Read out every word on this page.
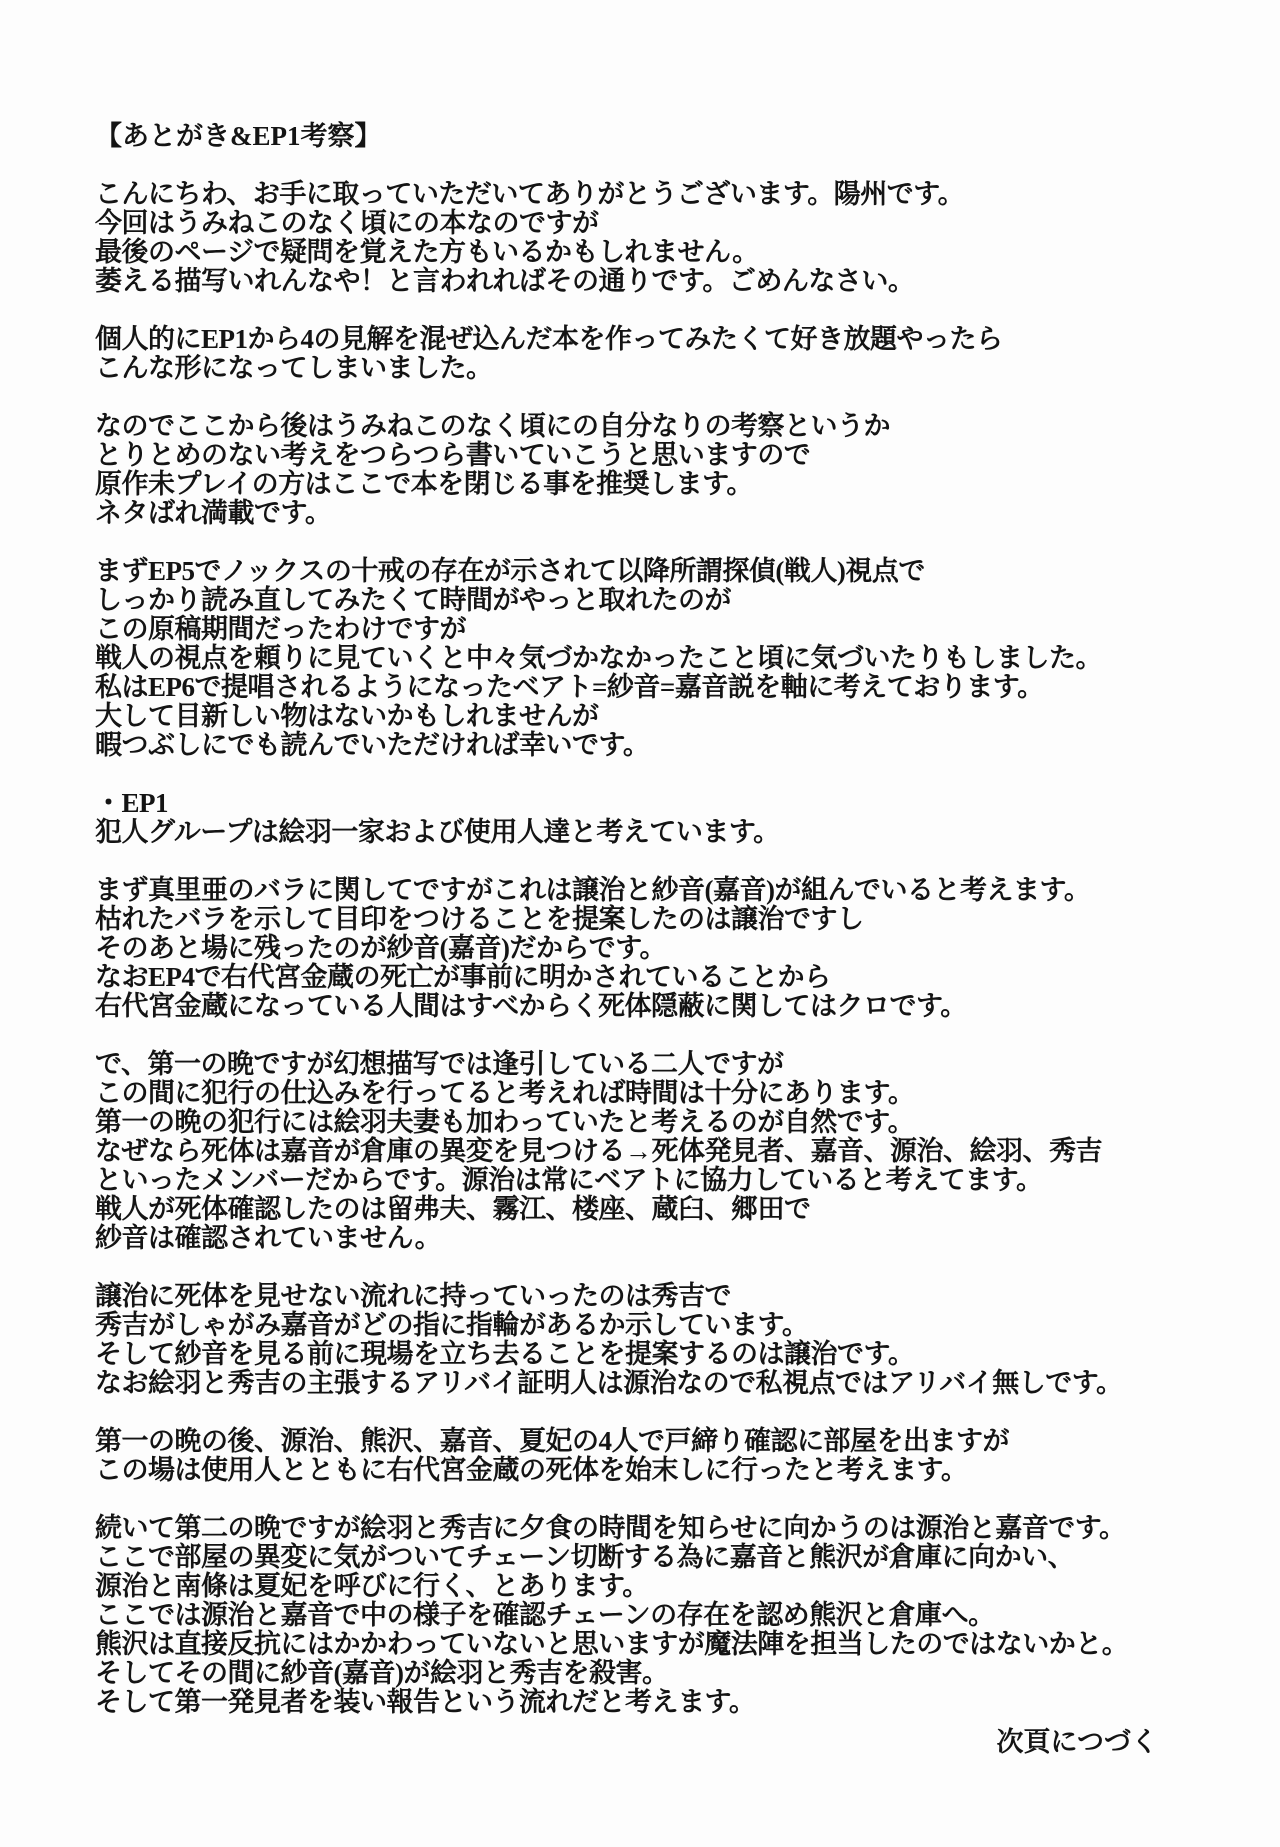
【あとがき&EP1考察】
こんにちわ、お手に取っていただいてありがとうございます。陽州です。
今回はうみねこのなく頃にの本なのですが
最後のページで疑問を覚えた方もいるかもしれません。
萎える描写いれんなや！と言われればその通りです。ごめんなさい。
個人的にEP1から4の見解を混ぜ込んだ本を作ってみたくて好き放題やったら
こんな形になってしまいました。
なのでここから後はうみねこのなく頃にの自分なりの考察というか
とりとめのない考えをつらつら書いていこうと思いますので
原作未プレイの方はここで本を閉じる事を推奨します。
ネタばれ満載です。
まずEP5でノックスの十戒の存在が示されて以降所謂探偵(戦人)視点で
しっかり読み直してみたくて時間がやっと取れたのが
この原稿期間だったわけですが
戦人の視点を頼りに見ていくと中々気づかなかったこと頃に気づいたりもしました。
私はEP6で提唱されるようになったベアト=紗音=嘉音説を軸に考えております。
大して目新しい物はないかもしれませんが
暇つぶしにでも読んでいただければ幸いです。
・EP1
犯人グループは絵羽一家および使用人達と考えています。
まず真里亜のバラに関してですがこれは譲治と紗音(嘉音)が組んでいると考えます。
枯れたバラを示して目印をつけることを提案したのは譲治ですし
そのあと場に残ったのが紗音(嘉音)だからです。
なおEP4で右代宮金蔵の死亡が事前に明かされていることから
右代宮金蔵になっている人間はすべからく死体隠蔽に関してはクロです。
で、第一の晩ですが幻想描写では逢引している二人ですが
この間に犯行の仕込みを行ってると考えれば時間は十分にあります。
第一の晩の犯行には絵羽夫妻も加わっていたと考えるのが自然です。
なぜなら死体は嘉音が倉庫の異変を見つける→死体発見者、嘉音、源治、絵羽、秀吉
といったメンバーだからです。源治は常にベアトに協力していると考えてます。
戦人が死体確認したのは留弗夫、霧江、楼座、蔵臼、郷田で
紗音は確認されていません。
譲治に死体を見せない流れに持っていったのは秀吉で
秀吉がしゃがみ嘉音がどの指に指輪があるか示しています。
そして紗音を見る前に現場を立ち去ることを提案するのは譲治です。
なお絵羽と秀吉の主張するアリバイ証明人は源治なので私視点ではアリバイ無しです。
第一の晩の後、源治、熊沢、嘉音、夏妃の4人で戸締り確認に部屋を出ますが
この場は使用人とともに右代宮金蔵の死体を始末しに行ったと考えます。
続いて第二の晩ですが絵羽と秀吉に夕食の時間を知らせに向かうのは源治と嘉音です。
ここで部屋の異変に気がついてチェーン切断する為に嘉音と熊沢が倉庫に向かい、
源治と南條は夏妃を呼びに行く、とあります。
ここでは源治と嘉音で中の様子を確認チェーンの存在を認め熊沢と倉庫へ。
熊沢は直接反抗にはかかわっていないと思いますが魔法陣を担当したのではないかと。
そしてその間に紗音(嘉音)が絵羽と秀吉を殺害。
そして第一発見者を装い報告という流れだと考えます。
次頁につづく
